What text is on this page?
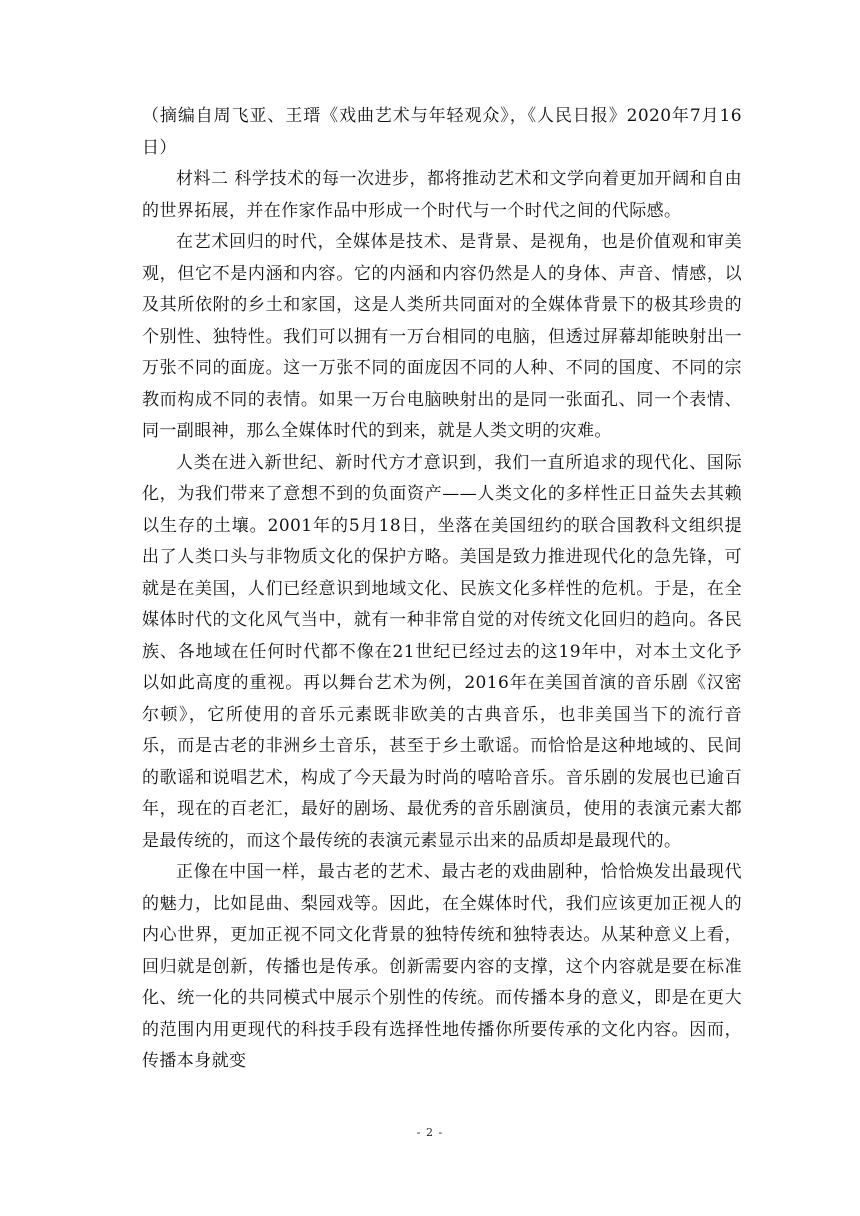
（摘编自周飞亚、王瑨《戏曲艺术与年轻观众》，《人民日报》2020年7月16日）

材料二 科学技术的每一次进步，都将推动艺术和文学向着更加开阔和自由的世界拓展，并在作家作品中形成一个时代与一个时代之间的代际感。

在艺术回归的时代，全媒体是技术、是背景、是视角，也是价值观和审美观，但它不是内涵和内容。它的内涵和内容仍然是人的身体、声音、情感，以及其所依附的乡土和家国，这是人类所共同面对的全媒体背景下的极其珍贵的个别性、独特性。我们可以拥有一万台相同的电脑，但透过屏幕却能映射出一万张不同的面庞。这一万张不同的面庞因不同的人种、不同的国度、不同的宗教而构成不同的表情。如果一万台电脑映射出的是同一张面孔、同一个表情、同一副眼神，那么全媒体时代的到来，就是人类文明的灾难。

人类在进入新世纪、新时代方才意识到，我们一直所追求的现代化、国际化，为我们带来了意想不到的负面资产——人类文化的多样性正日益失去其赖以生存的土壤。2001年的5月18日，坐落在美国纽约的联合国教科文组织提出了人类口头与非物质文化的保护方略。美国是致力推进现代化的急先锋，可就是在美国，人们已经意识到地域文化、民族文化多样性的危机。于是，在全媒体时代的文化风气当中，就有一种非常自觉的对传统文化回归的趋向。各民族、各地域在任何时代都不像在21世纪已经过去的这19年中，对本土文化予以如此高度的重视。再以舞台艺术为例，2016年在美国首演的音乐剧《汉密尔顿》，它所使用的音乐元素既非欧美的古典音乐，也非美国当下的流行音乐，而是古老的非洲乡土音乐，甚至于乡土歌谣。而恰恰是这种地域的、民间的歌谣和说唱艺术，构成了今天最为时尚的嘻哈音乐。音乐剧的发展也已逾百年，现在的百老汇，最好的剧场、最优秀的音乐剧演员，使用的表演元素大都是最传统的，而这个最传统的表演元素显示出来的品质却是最现代的。

正像在中国一样，最古老的艺术、最古老的戏曲剧种，恰恰焕发出最现代的魅力，比如昆曲、梨园戏等。因此，在全媒体时代，我们应该更加正视人的内心世界，更加正视不同文化背景的独特传统和独特表达。从某种意义上看，回归就是创新，传播也是传承。创新需要内容的支撑，这个内容就是要在标准化、统一化的共同模式中展示个别性的传统。而传播本身的意义，即是在更大的范围内用更现代的科技手段有选择性地传播你所要传承的文化内容。因而，传播本身就变

- 2 -
